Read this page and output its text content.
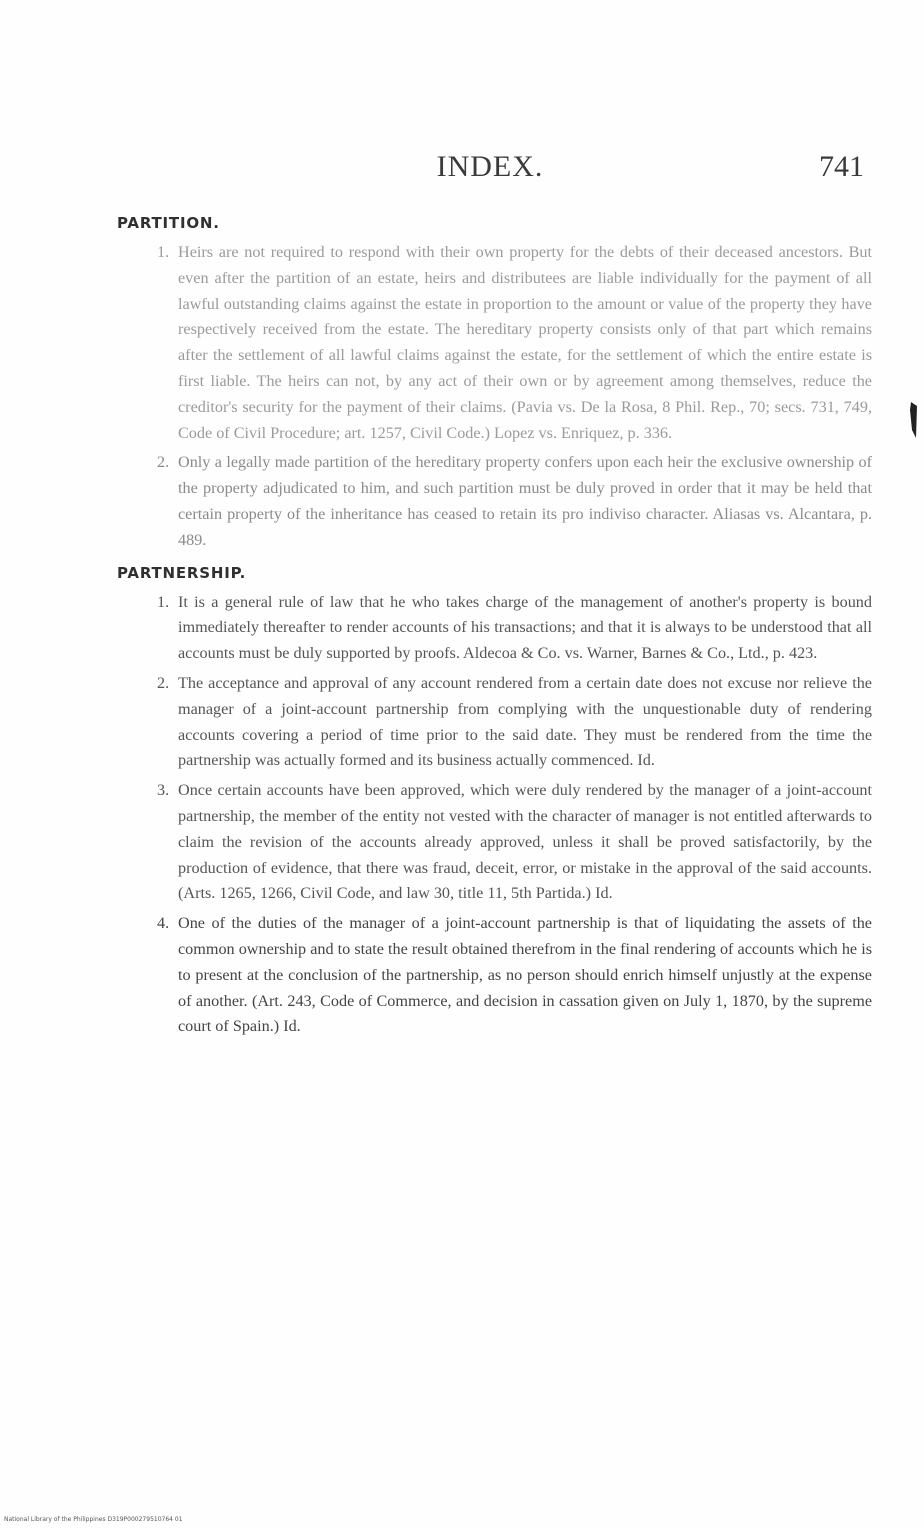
INDEX.	741
PARTITION.
1. Heirs are not required to respond with their own property for the debts of their deceased ancestors. But even after the partition of an estate, heirs and distributees are liable individually for the payment of all lawful outstanding claims against the estate in proportion to the amount or value of the property they have respectively received from the estate. The hereditary property consists only of that part which remains after the settlement of all lawful claims against the estate, for the settlement of which the entire estate is first liable. The heirs can not, by any act of their own or by agreement among themselves, reduce the creditor's security for the payment of their claims. (Pavia vs. De la Rosa, 8 Phil. Rep., 70; secs. 731, 749, Code of Civil Procedure; art. 1257, Civil Code.) Lopez vs. Enriquez, p. 336.
2. Only a legally made partition of the hereditary property confers upon each heir the exclusive ownership of the property adjudicated to him, and such partition must be duly proved in order that it may be held that certain property of the inheritance has ceased to retain its pro indiviso character. Aliasas vs. Alcantara, p. 489.
PARTNERSHIP.
1. It is a general rule of law that he who takes charge of the management of another's property is bound immediately thereafter to render accounts of his transactions; and that it is always to be understood that all accounts must be duly supported by proofs. Aldecoa & Co. vs. Warner, Barnes & Co., Ltd., p. 423.
2. The acceptance and approval of any account rendered from a certain date does not excuse nor relieve the manager of a joint-account partnership from complying with the unquestionable duty of rendering accounts covering a period of time prior to the said date. They must be rendered from the time the partnership was actually formed and its business actually commenced. Id.
3. Once certain accounts have been approved, which were duly rendered by the manager of a joint-account partnership, the member of the entity not vested with the character of manager is not entitled afterwards to claim the revision of the accounts already approved, unless it shall be proved satisfactorily, by the production of evidence, that there was fraud, deceit, error, or mistake in the approval of the said accounts. (Arts. 1265, 1266, Civil Code, and law 30, title 11, 5th Partida.) Id.
4. One of the duties of the manager of a joint-account partnership is that of liquidating the assets of the common ownership and to state the result obtained therefrom in the final rendering of accounts which he is to present at the conclusion of the partnership, as no person should enrich himself unjustly at the expense of another. (Art. 243, Code of Commerce, and decision in cassation given on July 1, 1870, by the supreme court of Spain.) Id.
National Library of the Philippines D319P000279510764 01
